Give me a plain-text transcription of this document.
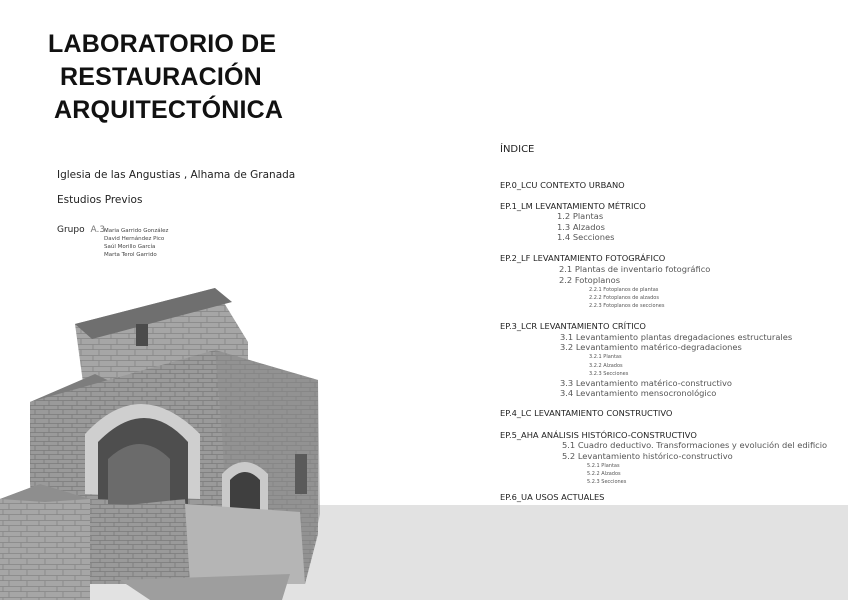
LABORATORIO DE
RESTAURACIÓN
ARQUITECTÓNICA
Iglesia de las Angustias , Alhama de Granada
Estudios Previos
Grupo A.3.
Maria Garrido González
David Hernández Pico
Saúl Morillo García
Marta Terol Garrido
ÍNDICE
EP.0_LCU CONTEXTO URBANO
EP.1_LM LEVANTAMIENTO MÉTRICO
1.2 Plantas
1.3 Alzados
1.4 Secciones
EP.2_LF LEVANTAMIENTO FOTOGRÁFICO
2.1 Plantas de inventario fotográfico
2.2 Fotoplanos
2.2.1 Fotoplanos de plantas
2.2.2 Fotoplanos de alzados
2.2.3 Fotoplanos de secciones
EP.3_LCR LEVANTAMIENTO CRÍTICO
3.1 Levantamiento plantas dregadaciones estructurales
3.2 Levantamiento matérico-degradaciones
3.2.1 Plantas
3.2.2 Alzados
3.2.3 Secciones
3.3 Levantamiento matérico-constructivo
3.4 Levantamiento mensocronológico
EP.4_LC LEVANTAMIENTO CONSTRUCTIVO
EP.5_AHA ANÁLISIS HISTÓRICO-CONSTRUCTIVO
5.1 Cuadro deductivo. Transformaciones y evolución del edificio
5.2 Levantamiento histórico-constructivo
5.2.1 Plantas
5.2.2 Alzados
5.2.3 Secciones
EP.6_UA USOS ACTUALES
